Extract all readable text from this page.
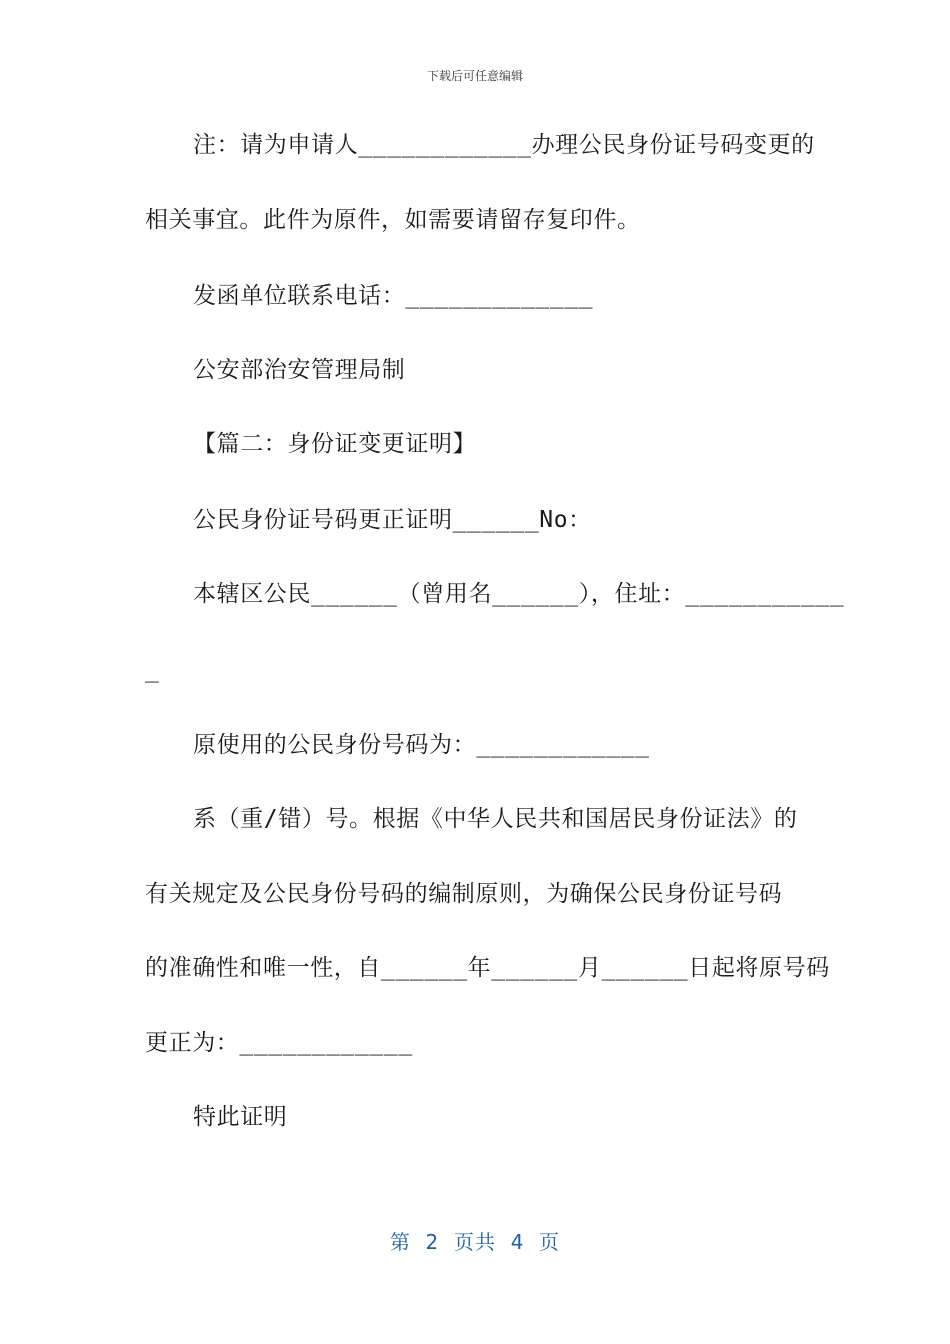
下载后可任意编辑
注：请为申请人____________办理公民身份证号码变更的
相关事宜。此件为原件，如需要请留存复印件。
发函单位联系电话：_____________
公安部治安管理局制
【篇二：身份证变更证明】
公民身份证号码更正证明______No：
本辖区公民______（曾用名______），住址：___________
_
原使用的公民身份号码为：____________
系（重/错）号。根据《中华人民共和国居民身份证法》的
有关规定及公民身份号码的编制原则，为确保公民身份证号码
的准确性和唯一性，自______年______月______日起将原号码
更正为：____________
特此证明
第  2  页共  4  页
